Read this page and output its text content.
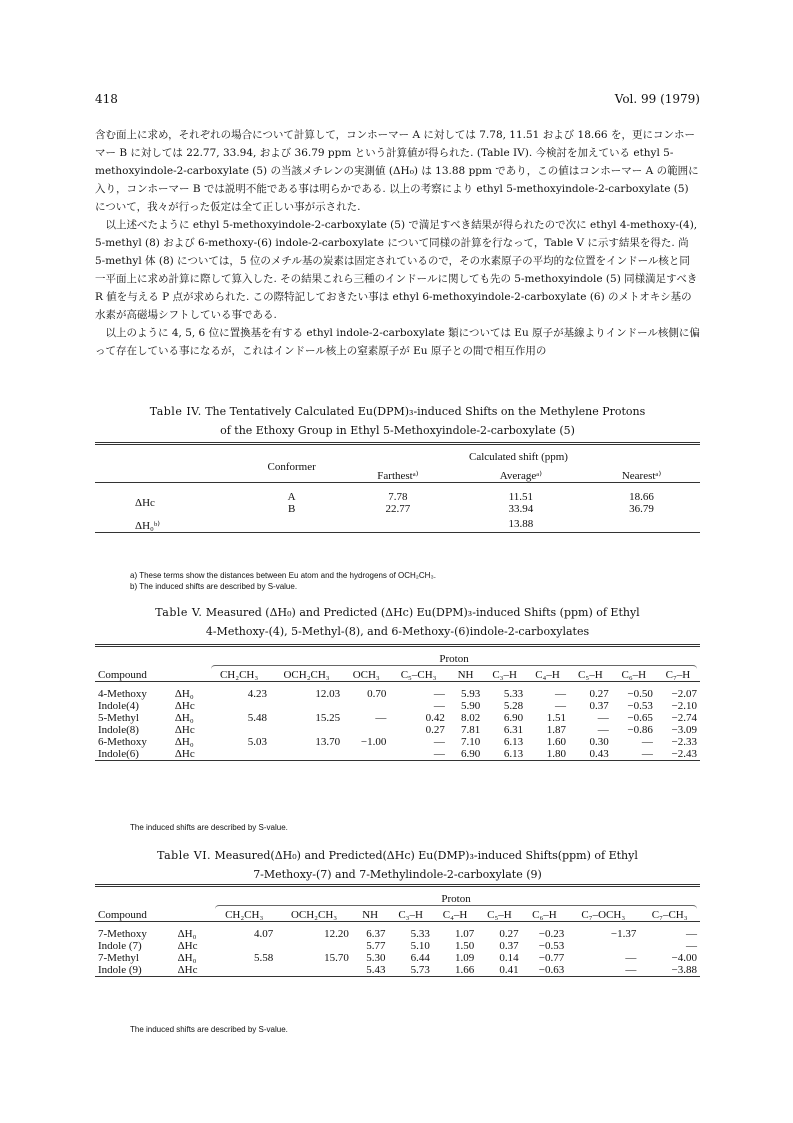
418	Vol. 99 (1979)

含む面上に求め，それぞれの場合について計算して，コンホーマー A に対しては 7.78, 11.51 および 18.66 を，更にコンホーマー B に対しては 22.77, 33.94, および 36.79 ppm という計算値が得られた. (Table IV). 今検討を加えている ethyl 5-methoxyindole-2-carboxylate (5) の当該メチレンの実測値 (ΔH₀) は 13.88 ppm であり，この値はコンホーマー A の範囲に入り，コンホーマー B では説明不能である事は明らかである. 以上の考察により ethyl 5-methoxyindole-2-carboxylate (5) について，我々が行った仮定は全て正しい事が示された.

以上述べたように ethyl 5-methoxyindole-2-carboxylate (5) で満足すべき結果が得られたので次に ethyl 4-methoxy-(4), 5-methyl (8) および 6-methoxy-(6) indole-2-carboxylate について同様の計算を行なって，Table V に示す結果を得た. 尚 5-methyl 体 (8) については，5 位のメチル基の炭素は固定されているので，その水素原子の平均的な位置をインドール核と同一平面上に求め計算に際して算入した. その結果これら三種のインドールに関しても先の 5-methoxyindole (5) 同様満足すべき R 値を与える P 点が求められた. この際特記しておきたい事は ethyl 6-methoxyindole-2-carboxylate (6) のメトオキシ基の水素が高磁場シフトしている事である.

以上のように 4, 5, 6 位に置換基を有する ethyl indole-2-carboxylate 類については Eu 原子が基線よりインドール核側に偏って存在している事になるが，これはインドール核上の窒素原子が Eu 原子との間で相互作用の

Table IV. The Tentatively Calculated Eu(DPM)₃-induced Shifts on the Methylene Protons
of the Ethoxy Group in Ethyl 5-Methoxyindole-2-carboxylate (5)

	Conformer	Calculated shift (ppm)		
		Farthestᵃ⁾	Averageᵃ⁾	Nearestᵃ⁾

ΔHc	A	7.78	11.51	18.66
	B	22.77	33.94	36.79
ΔH₀ᵇ⁾			13.88	

a) These terms show the distances between Eu atom and the hydrogens of OCH₂CH₃.
b) The induced shifts are described by S-value.
Table V. Measured (ΔH₀) and Predicted (ΔHc) Eu(DPM)₃-induced Shifts (ppm) of Ethyl
4-Methoxy-(4), 5-Methyl-(8), and 6-Methoxy-(6)indole-2-carboxylates

		Proton									

Compound		CH₂CH₃	OCH₂CH₃	OCH₃	C₅–CH₃	NH	C₃–H	C₄–H	C₅–H	C₆–H	C₇–H

4-Methoxy	ΔH₀	4.23	12.03	0.70	—	5.93	5.33	—	0.27	−0.50	−2.07
Indole(4)	ΔHc				—	5.90	5.28	—	0.37	−0.53	−2.10
5-Methyl	ΔH₀	5.48	15.25	—	0.42	8.02	6.90	1.51	—	−0.65	−2.74
Indole(8)	ΔHc				0.27	7.81	6.31	1.87	—	−0.86	−3.09
6-Methoxy	ΔH₀	5.03	13.70	−1.00	—	7.10	6.13	1.60	0.30	—	−2.33
Indole(6)	ΔHc				—	6.90	6.13	1.80	0.43	—	−2.43

The induced shifts are described by S-value.
Table VI. Measured(ΔH₀) and Predicted(ΔHc) Eu(DMP)₃-induced Shifts(ppm) of Ethyl
7-Methoxy-(7) and 7-Methylindole-2-carboxylate (9)

		Proton								

Compound		CH₂CH₃	OCH₂CH₃	NH	C₃–H	C₄–H	C₅–H	C₆–H	C₇–OCH₃	C₇–CH₃

7-Methoxy	ΔH₀	4.07	12.20	6.37	5.33	1.07	0.27	−0.23	−1.37	—
Indole (7)	ΔHc			5.77	5.10	1.50	0.37	−0.53		—
7-Methyl	ΔH₀	5.58	15.70	5.30	6.44	1.09	0.14	−0.77	—	−4.00
Indole (9)	ΔHc			5.43	5.73	1.66	0.41	−0.63	—	−3.88

The induced shifts are described by S-value.
